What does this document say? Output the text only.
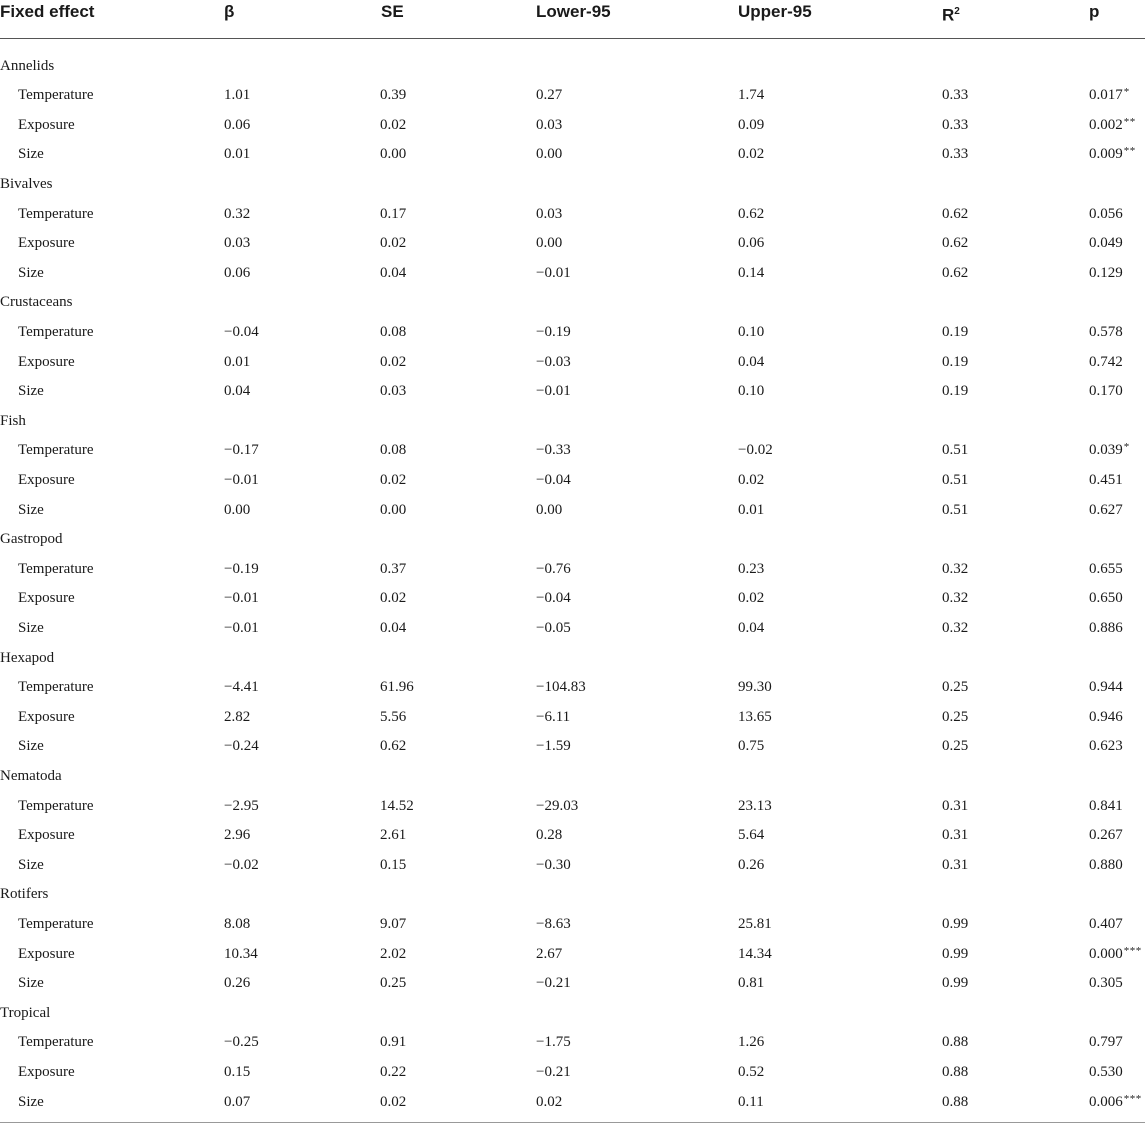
Fixed effect	β	SE	Lower-95	Upper-95	$R^2$	p
Annelids
Temperature	1.01	0.39	0.27	1.74	0.33	0.017*
Exposure	0.06	0.02	0.03	0.09	0.33	0.002**
Size	0.01	0.00	0.00	0.02	0.33	0.009**
Bivalves
Temperature	0.32	0.17	0.03	0.62	0.62	0.056
Exposure	0.03	0.02	0.00	0.06	0.62	0.049
Size	0.06	0.04	−0.01	0.14	0.62	0.129
Crustaceans
Temperature	−0.04	0.08	−0.19	0.10	0.19	0.578
Exposure	0.01	0.02	−0.03	0.04	0.19	0.742
Size	0.04	0.03	−0.01	0.10	0.19	0.170
Fish
Temperature	−0.17	0.08	−0.33	−0.02	0.51	0.039*
Exposure	−0.01	0.02	−0.04	0.02	0.51	0.451
Size	0.00	0.00	0.00	0.01	0.51	0.627
Gastropod
Temperature	−0.19	0.37	−0.76	0.23	0.32	0.655
Exposure	−0.01	0.02	−0.04	0.02	0.32	0.650
Size	−0.01	0.04	−0.05	0.04	0.32	0.886
Hexapod
Temperature	−4.41	61.96	−104.83	99.30	0.25	0.944
Exposure	2.82	5.56	−6.11	13.65	0.25	0.946
Size	−0.24	0.62	−1.59	0.75	0.25	0.623
Nematoda
Temperature	−2.95	14.52	−29.03	23.13	0.31	0.841
Exposure	2.96	2.61	0.28	5.64	0.31	0.267
Size	−0.02	0.15	−0.30	0.26	0.31	0.880
Rotifers
Temperature	8.08	9.07	−8.63	25.81	0.99	0.407
Exposure	10.34	2.02	2.67	14.34	0.99	0.000***
Size	0.26	0.25	−0.21	0.81	0.99	0.305
Tropical
Temperature	−0.25	0.91	−1.75	1.26	0.88	0.797
Exposure	0.15	0.22	−0.21	0.52	0.88	0.530
Size	0.07	0.02	0.02	0.11	0.88	0.006***
